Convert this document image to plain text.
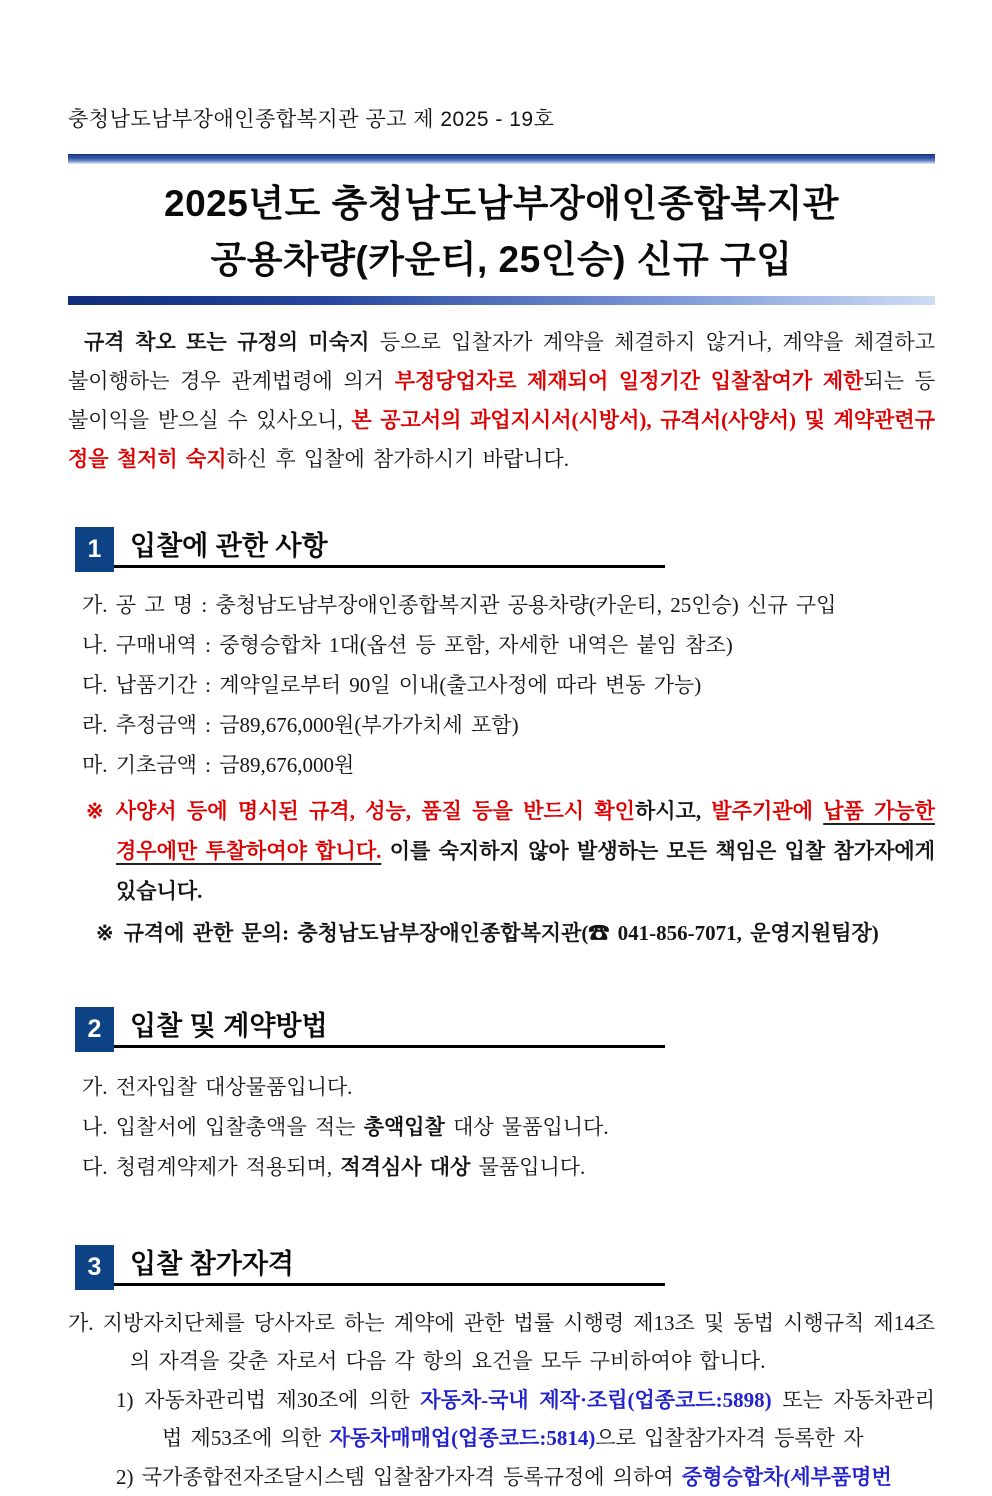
충청남도남부장애인종합복지관 공고 제 2025 - 19호
2025년도 충청남도남부장애인종합복지관
공용차량(카운티, 25인승) 신규 구입

규격 착오 또는 규정의 미숙지 등으로 입찰자가 계약을 체결하지 않거나, 계약을 체결하고 불이행하는 경우 관계법령에 의거 부정당업자로 제재되어 일정기간 입찰참여가 제한되는 등 불이익을 받으실 수 있사오니, 본 공고서의 과업지시서(시방서), 규격서(사양서) 및 계약관련규정을 철저히 숙지하신 후 입찰에 참가하시기 바랍니다.

1	입찰에 관한 사항
가. 공 고 명 : 충청남도남부장애인종합복지관 공용차량(카운티, 25인승) 신규 구입
나. 구매내역 : 중형승합차 1대(옵션 등 포함, 자세한 내역은 붙임 참조)
다. 납품기간 : 계약일로부터 90일 이내(출고사정에 따라 변동 가능)
라. 추정금액 : 금89,676,000원(부가가치세 포함)
마. 기초금액 : 금89,676,000원

※ 사양서 등에 명시된 규격, 성능, 품질 등을 반드시 확인하시고, 발주기관에 납품 가능한 경우에만 투찰하여야 합니다. 이를 숙지하지 않아 발생하는 모든 책임은 입찰 참가자에게 있습니다.

※ 규격에 관한 문의: 충청남도남부장애인종합복지관(☎ 041-856-7071, 운영지원팀장)

2	입찰 및 계약방법
가. 전자입찰 대상물품입니다.
나. 입찰서에 입찰총액을 적는 총액입찰 대상 물품입니다.
다. 청렴계약제가 적용되며, 적격심사 대상 물품입니다.
3	입찰 참가자격

가. 지방자치단체를 당사자로 하는 계약에 관한 법률 시행령 제13조 및 동법 시행규칙 제14조의 자격을 갖춘 자로서 다음 각 항의 요건을 모두 구비하여야 합니다.

1) 자동차관리법 제30조에 의한 자동차-국내 제작·조립(업종코드:5898) 또는 자동차관리법 제53조에 의한 자동차매매업(업종코드:5814)으로 입찰참가자격 등록한 자

2) 국가종합전자조달시스템 입찰참가자격 등록규정에 의하여 중형승합차(세부품명번
